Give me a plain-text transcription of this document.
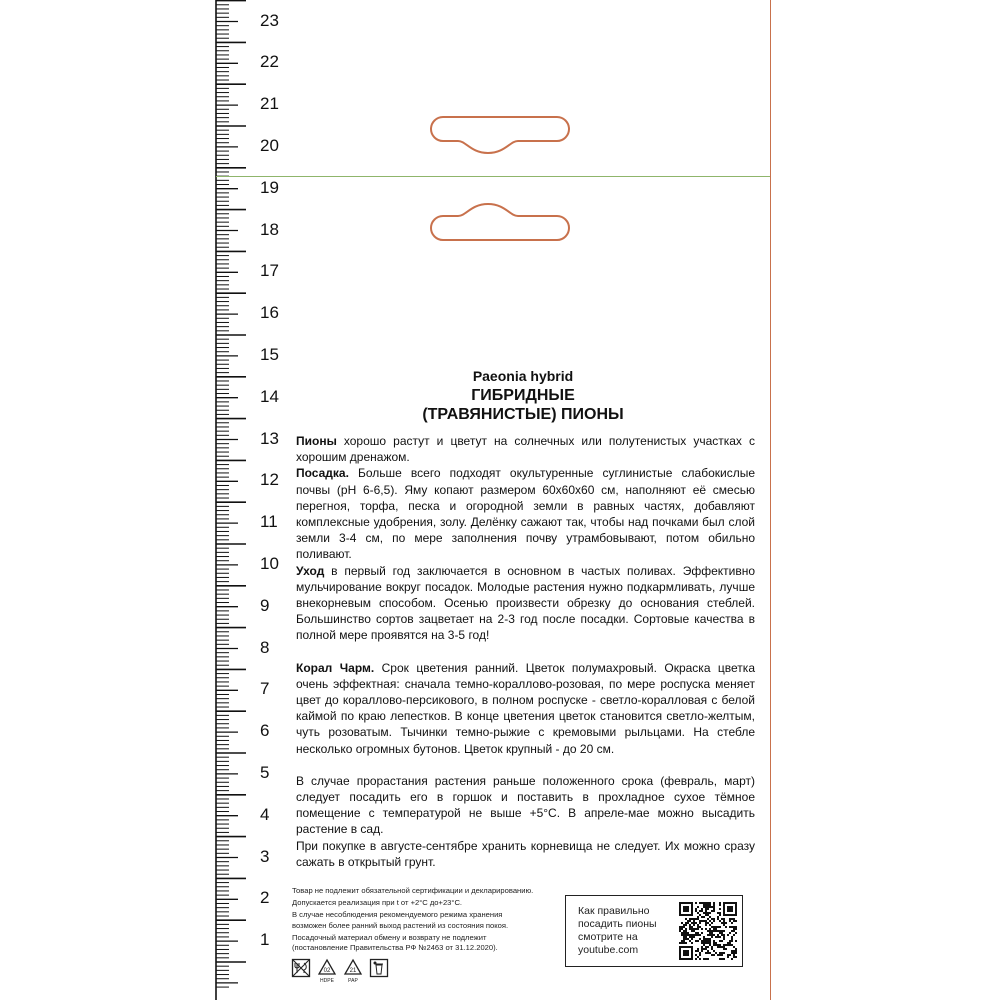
23
22
21
20
19
18
17
16
15
14
13
12
11
10
9
8
7
6
5
4
3
2
1
Paeonia hybrid
ГИБРИДНЫЕ
(ТРАВЯНИСТЫЕ) ПИОНЫ

Пионы хорошо растут и цветут на солнечных или полутенистых участках с хорошим дренажом.

Посадка. Больше всего подходят окультуренные суглинистые слабокислые почвы (pH 6-6,5). Яму копают размером 60х60х60 см, наполняют её смесью перегноя, торфа, песка и огородной земли в равных частях, добавляют комплексные удобрения, золу. Делёнку сажают так, чтобы над почками был слой земли 3-4 см, по мере заполнения почву утрамбовывают, потом обильно поливают.

Уход в первый год заключается в основном в частых поливах. Эффективно мульчирование вокруг посадок. Молодые растения нужно подкармливать, лучше внекорневым способом. Осенью произвести обрезку до основания стеблей. Большинство сортов зацветает на 2-3 год после посадки. Сортовые качества в полной мере проявятся на 3-5 год!

Корал Чарм. Срок цветения ранний. Цветок полумахровый. Окраска цветка очень эффектная: сначала темно-кораллово-розовая, по мере роспуска меняет цвет до кораллово-персикового, в полном роспуске - светло-коралловая с белой каймой по краю лепестков. В конце цветения цветок становится светло-желтым, чуть розоватым. Тычинки темно-рыжие с кремовыми рыльцами. На стебле несколько огромных бутонов. Цветок крупный - до 20 см.

В случае прорастания растения раньше положенного срока (февраль, март) следует посадить его в горшок и поставить в прохладное сухое тёмное помещение с температурой не выше +5°С. В апреле-мае можно высадить растение в сад.

При покупке в августе-сентябре хранить корневища не следует. Их можно сразу сажать в открытый грунт.

Товар не подлежит обязательной сертификации и декларированию.

Допускается реализация при t от +2°С до+23°С.

В случае несоблюдения рекомендуемого режима хранения

возможен более ранний выход растений из состояния покоя.

Посадочный материал обмену и возврату не подлежит

(постановление Правительства РФ №2463 от 31.12.2020).

02
HDPE
21
PAP
Как правильно
посадить пионы
смотрите на
youtube.com
